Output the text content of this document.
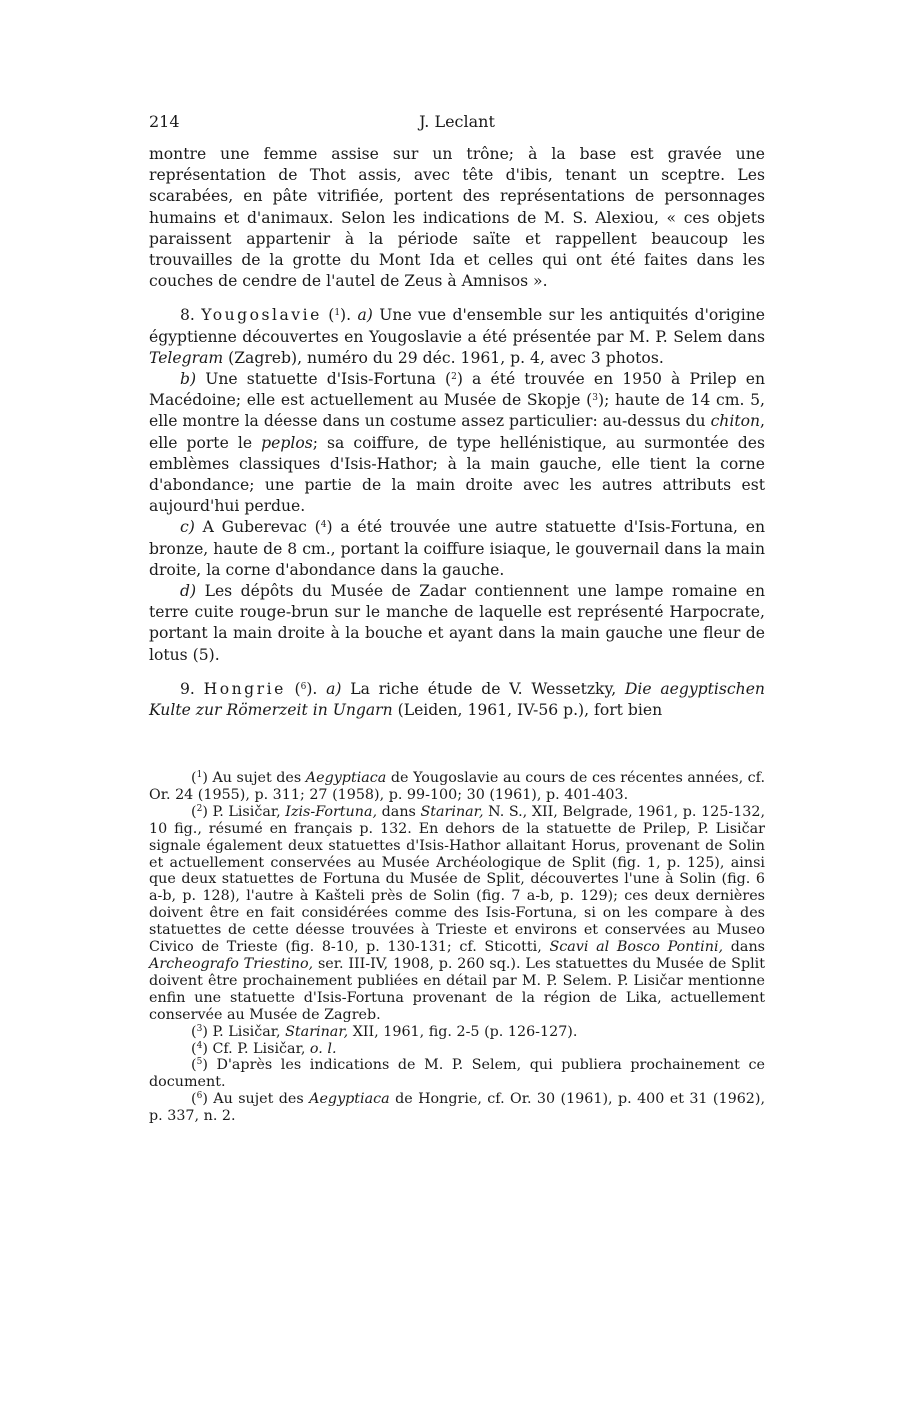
214	J. Leclant

montre une femme assise sur un trône; à la base est gravée une représentation de Thot assis, avec tête d'ibis, tenant un sceptre. Les scarabées, en pâte vitrifiée, portent des représentations de personnages humains et d'animaux. Selon les indications de M. S. Alexiou, « ces objets paraissent appartenir à la période saïte et rappellent beaucoup les trouvailles de la grotte du Mont Ida et celles qui ont été faites dans les couches de cendre de l'autel de Zeus à Amnisos ».

8. Yougoslavie ($^1$). a) Une vue d'ensemble sur les antiquités d'origine égyptienne découvertes en Yougoslavie a été présentée par M. P. Selem dans Telegram (Zagreb), numéro du 29 déc. 1961, p. 4, avec 3 photos.

b) Une statuette d'Isis-Fortuna ($^2$) a été trouvée en 1950 à Prilep en Macédoine; elle est actuellement au Musée de Skopje ($^3$); haute de 14 cm. 5, elle montre la déesse dans un costume assez particulier: au-dessus du chiton, elle porte le peplos; sa coiffure, de type hellénistique, au surmontée des emblèmes classiques d'Isis-Hathor; à la main gauche, elle tient la corne d'abondance; une partie de la main droite avec les autres attributs est aujourd'hui perdue.

c) A Guberevac ($^4$) a été trouvée une autre statuette d'Isis-Fortuna, en bronze, haute de 8 cm., portant la coiffure isiaque, le gouvernail dans la main droite, la corne d'abondance dans la gauche.

d) Les dépôts du Musée de Zadar contiennent une lampe romaine en terre cuite rouge-brun sur le manche de laquelle est représenté Harpocrate, portant la main droite à la bouche et ayant dans la main gauche une fleur de lotus (5).

9. Hongrie ($^6$). a) La riche étude de V. Wessetzky, Die aegyptischen Kulte zur Römerzeit in Ungarn (Leiden, 1961, IV-56 p.), fort bien

($^1$) Au sujet des Aegyptiaca de Yougoslavie au cours de ces récentes années, cf. Or. 24 (1955), p. 311; 27 (1958), p. 99-100; 30 (1961), p. 401-403.

($^2$) P. Lisičar, Izis-Fortuna, dans Starinar, N. S., XII, Belgrade, 1961, p. 125-132, 10 fig., résumé en français p. 132. En dehors de la statuette de Prilep, P. Lisičar signale également deux statuettes d'Isis-Hathor allaitant Horus, provenant de Solin et actuellement conservées au Musée Archéologique de Split (fig. 1, p. 125), ainsi que deux statuettes de Fortuna du Musée de Split, découvertes l'une à Solin (fig. 6 a-b, p. 128), l'autre à Kašteli près de Solin (fig. 7 a-b, p. 129); ces deux dernières doivent être en fait considérées comme des Isis-Fortuna, si on les compare à des statuettes de cette déesse trouvées à Trieste et environs et conservées au Museo Civico de Trieste (fig. 8-10, p. 130-131; cf. Sticotti, Scavi al Bosco Pontini, dans Archeografo Triestino, ser. III-IV, 1908, p. 260 sq.). Les statuettes du Musée de Split doivent être prochainement publiées en détail par M. P. Selem. P. Lisičar mentionne enfin une statuette d'Isis-Fortuna provenant de la région de Lika, actuellement conservée au Musée de Zagreb.

($^3$) P. Lisičar, Starinar, XII, 1961, fig. 2-5 (p. 126-127).

($^4$) Cf. P. Lisičar, o. l.

($^5$) D'après les indications de M. P. Selem, qui publiera prochainement ce document.

($^6$) Au sujet des Aegyptiaca de Hongrie, cf. Or. 30 (1961), p. 400 et 31 (1962), p. 337, n. 2.
